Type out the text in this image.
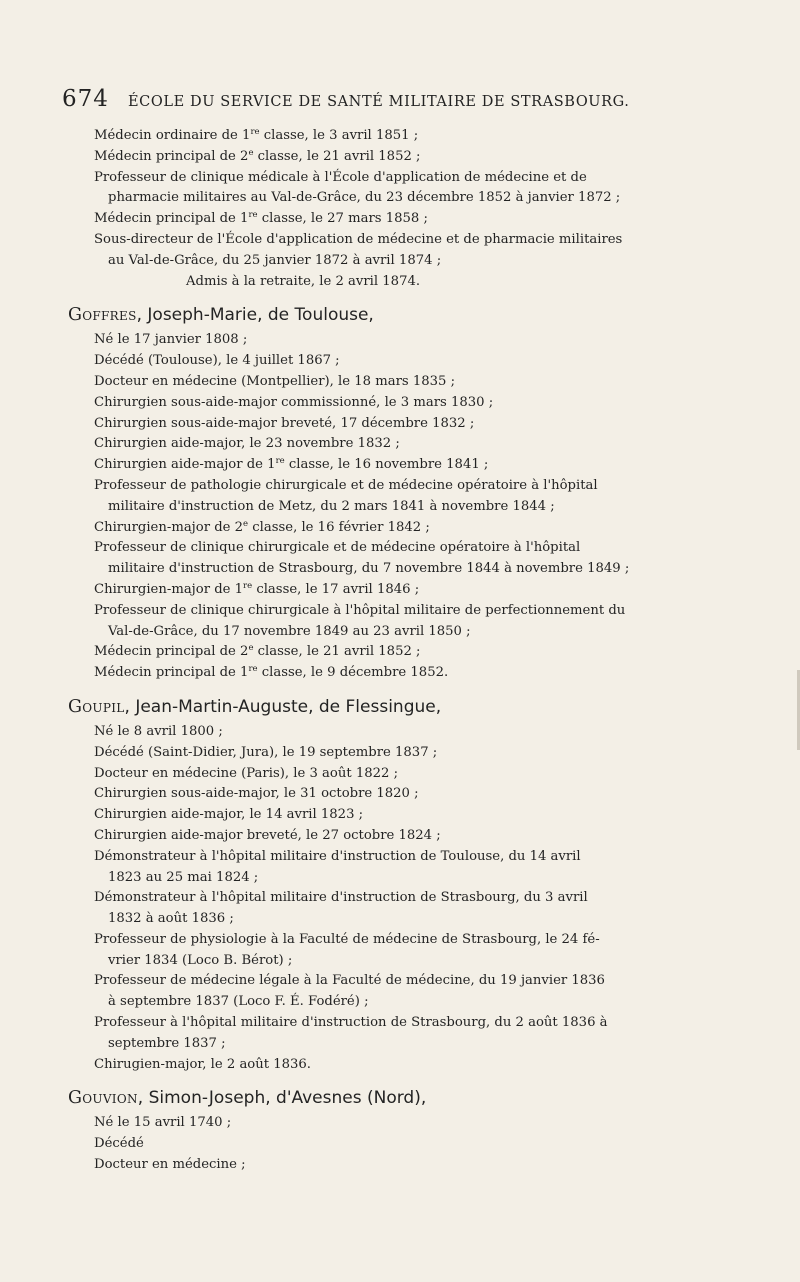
674 ÉCOLE DU SERVICE DE SANTÉ MILITAIRE DE STRASBOURG.
Médecin ordinaire de 1re classe, le 3 avril 1851 ;
Médecin principal de 2e classe, le 21 avril 1852 ;
Professeur de clinique médicale à l'École d'application de médecine et de
pharmacie militaires au Val-de-Grâce, du 23 décembre 1852 à janvier 1872 ;
Médecin principal de 1re classe, le 27 mars 1858 ;
Sous-directeur de l'École d'application de médecine et de pharmacie militaires
au Val-de-Grâce, du 25 janvier 1872 à avril 1874 ;
Admis à la retraite, le 2 avril 1874.
Goffres, Joseph-Marie, de Toulouse,
Né le 17 janvier 1808 ;
Décédé (Toulouse), le 4 juillet 1867 ;
Docteur en médecine (Montpellier), le 18 mars 1835 ;
Chirurgien sous-aide-major commissionné, le 3 mars 1830 ;
Chirurgien sous-aide-major breveté, 17 décembre 1832 ;
Chirurgien aide-major, le 23 novembre 1832 ;
Chirurgien aide-major de 1re classe, le 16 novembre 1841 ;
Professeur de pathologie chirurgicale et de médecine opératoire à l'hôpital
militaire d'instruction de Metz, du 2 mars 1841 à novembre 1844 ;
Chirurgien-major de 2e classe, le 16 février 1842 ;
Professeur de clinique chirurgicale et de médecine opératoire à l'hôpital
militaire d'instruction de Strasbourg, du 7 novembre 1844 à novembre 1849 ;
Chirurgien-major de 1re classe, le 17 avril 1846 ;
Professeur de clinique chirurgicale à l'hôpital militaire de perfectionnement du
Val-de-Grâce, du 17 novembre 1849 au 23 avril 1850 ;
Médecin principal de 2e classe, le 21 avril 1852 ;
Médecin principal de 1re classe, le 9 décembre 1852.
Goupil, Jean-Martin-Auguste, de Flessingue,
Né le 8 avril 1800 ;
Décédé (Saint-Didier, Jura), le 19 septembre 1837 ;
Docteur en médecine (Paris), le 3 août 1822 ;
Chirurgien sous-aide-major, le 31 octobre 1820 ;
Chirurgien aide-major, le 14 avril 1823 ;
Chirurgien aide-major breveté, le 27 octobre 1824 ;
Démonstrateur à l'hôpital militaire d'instruction de Toulouse, du 14 avril
1823 au 25 mai 1824 ;
Démonstrateur à l'hôpital militaire d'instruction de Strasbourg, du 3 avril
1832 à août 1836 ;
Professeur de physiologie à la Faculté de médecine de Strasbourg, le 24 fé-
vrier 1834 (Loco B. Bérot) ;
Professeur de médecine légale à la Faculté de médecine, du 19 janvier 1836
à septembre 1837 (Loco F. É. Fodéré) ;
Professeur à l'hôpital militaire d'instruction de Strasbourg, du 2 août 1836 à
septembre 1837 ;
Chirugien-major, le 2 août 1836.
Gouvion, Simon-Joseph, d'Avesnes (Nord),
Né le 15 avril 1740 ;
Décédé
Docteur en médecine ;
